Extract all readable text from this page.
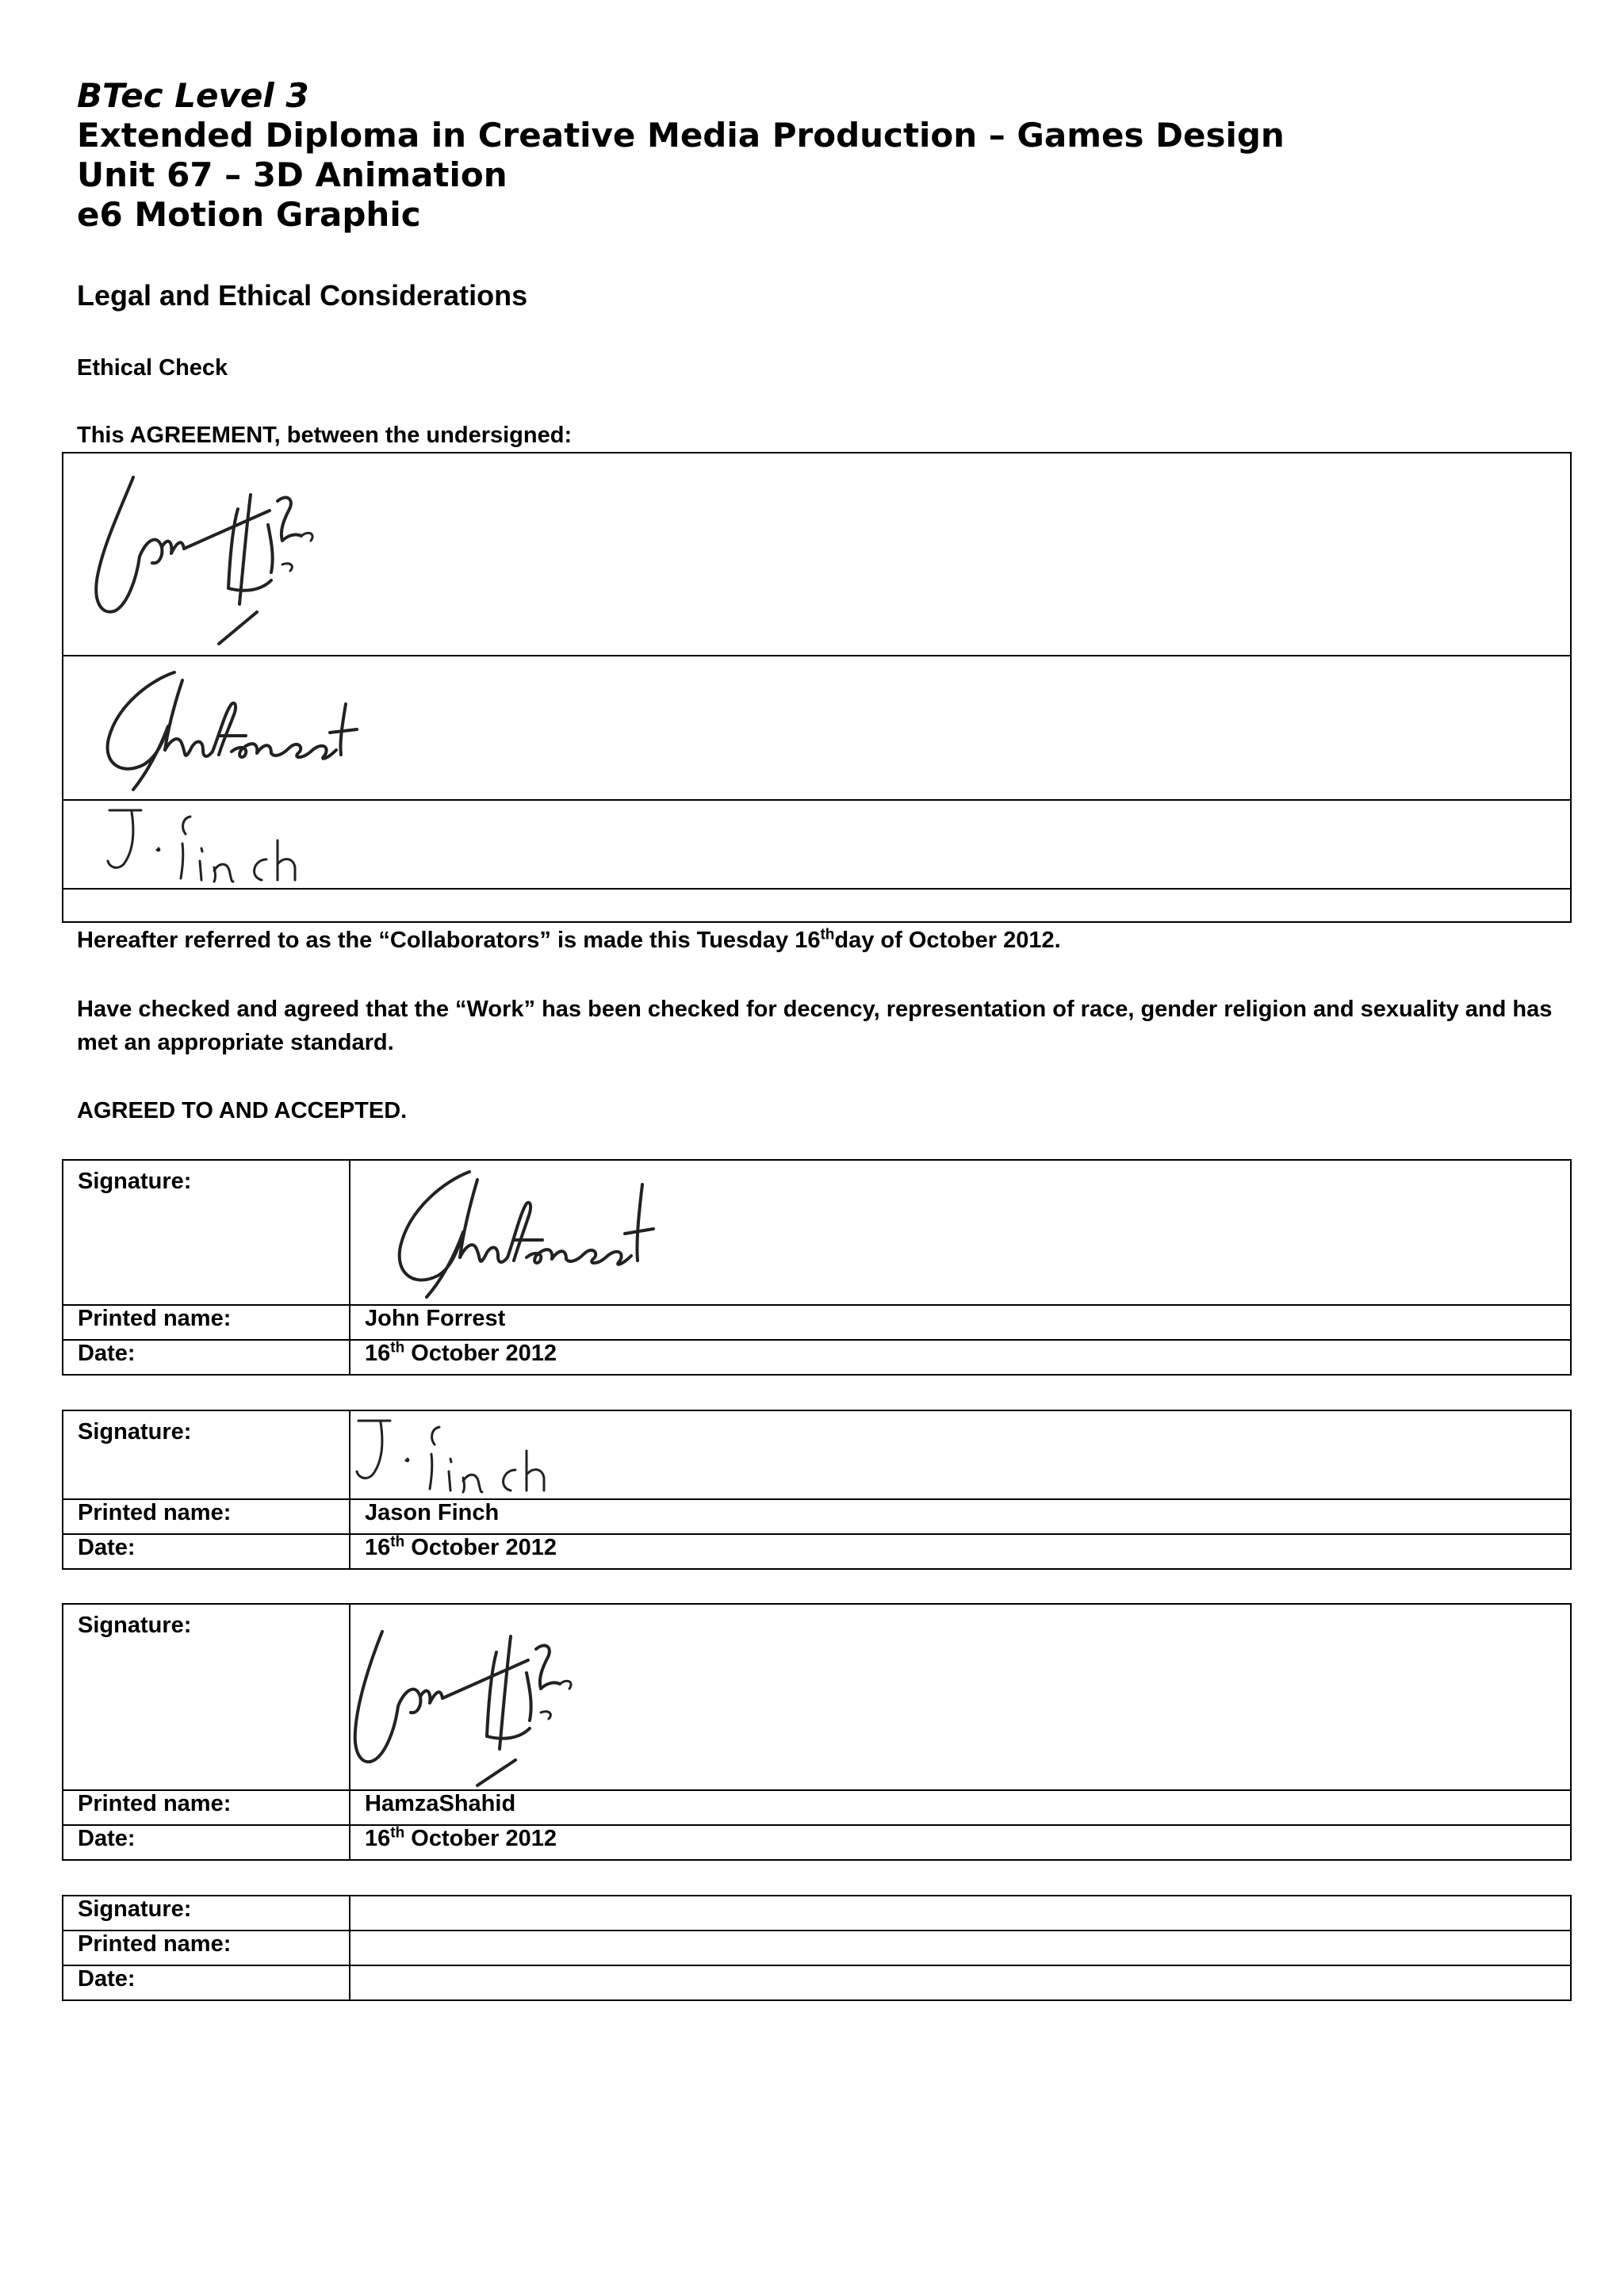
BTec Level 3

Extended Diploma in Creative Media Production – Games Design

Unit 67 – 3D Animation

e6 Motion Graphic

Legal and Ethical Considerations
Ethical Check
This AGREEMENT, between the undersigned:

Hereafter referred to as the “Collaborators” is made this Tuesday 16thday of October 2012.
Have checked and agreed that the “Work” has been checked for decency, representation of race, gender religion and sexuality and has met an appropriate standard.
AGREED TO AND ACCEPTED.
Signature:	

Printed name:	John Forrest
Date:	16th October 2012
Signature:	

Printed name:	Jason Finch
Date:	16th October 2012
Signature:	

Printed name:	HamzaShahid
Date:	16th October 2012
Signature:	
Printed name:	
Date:	
